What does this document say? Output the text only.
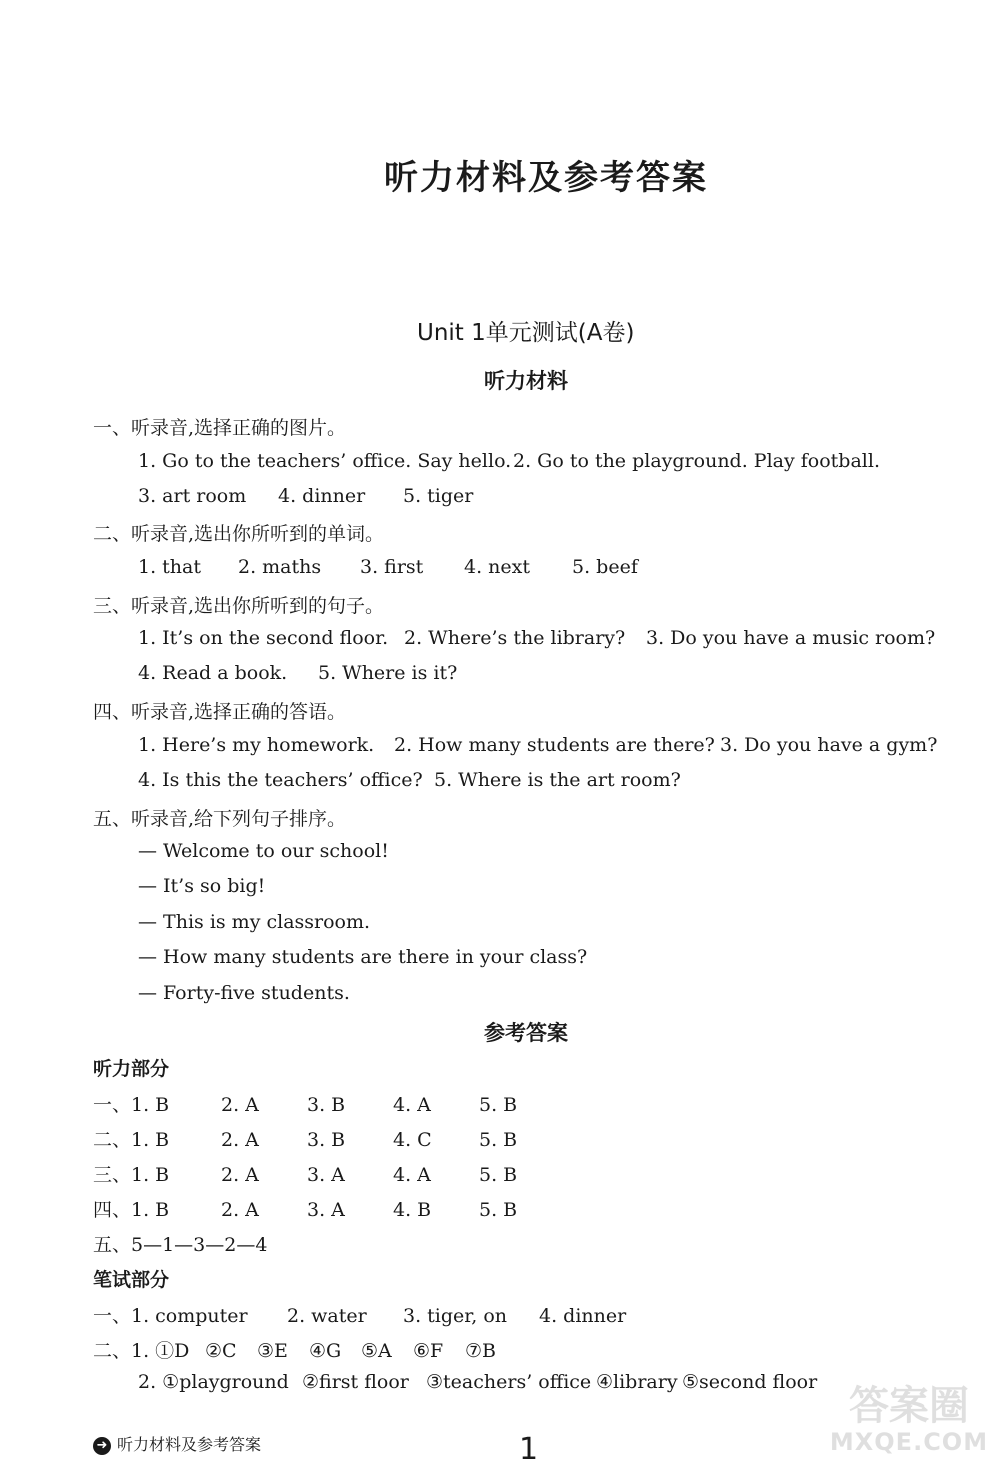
听力材料及参考答案
Unit 1单元测试(A卷)
听力材料
一、听录音,选择正确的图片。
1. Go to the teachers’ office. Say hello.2. Go to the playground. Play football.
3. art room 4. dinner 5. tiger
二、听录音,选出你所听到的单词。
1. that 2. maths 3. first 4. next 5. beef
三、听录音,选出你所听到的句子。
1. It’s on the second floor. 2. Where’s the library? 3. Do you have a music room?
4. Read a book. 5. Where is it?
四、听录音,选择正确的答语。
1. Here’s my homework. 2. How many students are there? 3. Do you have a gym?
4. Is this the teachers’ office? 5. Where is the art room?
五、听录音,给下列句子排序。
— Welcome to our school!
— It’s so big!
— This is my classroom.
— How many students are there in your class?
— Forty-five students.
参考答案
听力部分
一、1. B	2. A	3. B	4. A	5. B
二、1. B	2. A	3. B	4. C 5. B
三、1. B	2. A	3. A	4. A	5. B
四、1. B	2. A	3. A	4. B	5. B
五、5—1—3—2—4
笔试部分
一、1. computer 2. water 3. tiger, on 4. dinner
二、1. ①D ②C ③E ④G ⑤A ⑥F ⑦B
2. ①playground ②first floor ③teachers’ office ④library ⑤second floor
答案圈
MXQE.COM
➜ 听力材料及参考答案	1
